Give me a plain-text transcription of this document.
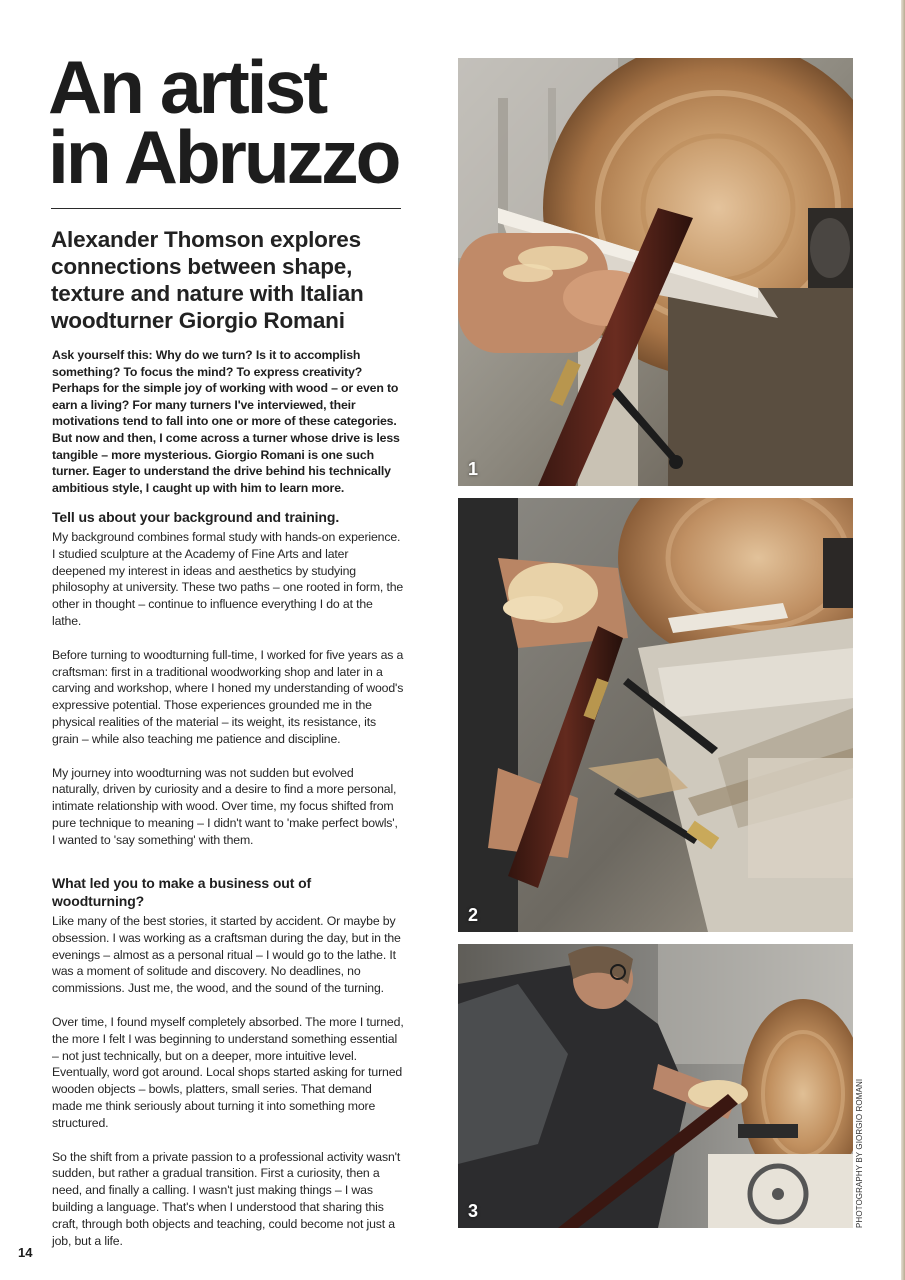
An artist
in Abruzzo
Alexander Thomson explores connections between shape, texture and nature with Italian woodturner Giorgio Romani

Ask yourself this: Why do we turn? Is it to accomplish something? To focus the mind? To express creativity? Perhaps for the simple joy of working with wood – or even to earn a living? For many turners I've interviewed, their motivations tend to fall into one or more of these categories. But now and then, I come across a turner whose drive is less tangible – more mysterious. Giorgio Romani is one such turner. Eager to understand the drive behind his technically ambitious style, I caught up with him to learn more.

Tell us about your background and training.

My background combines formal study with hands-on experience. I studied sculpture at the Academy of Fine Arts and later deepened my interest in ideas and aesthetics by studying philosophy at university. These two paths – one rooted in form, the other in thought – continue to influence everything I do at the lathe.

Before turning to woodturning full-time, I worked for five years as a craftsman: first in a traditional woodworking shop and later in a carving and workshop, where I honed my understanding of wood's expressive potential. Those experiences grounded me in the physical realities of the material – its weight, its resistance, its grain – while also teaching me patience and discipline.

My journey into woodturning was not sudden but evolved naturally, driven by curiosity and a desire to find a more personal, intimate relationship with wood. Over time, my focus shifted from pure technique to meaning – I didn't want to 'make perfect bowls', I wanted to 'say something' with them.

What led you to make a business out of woodturning?

Like many of the best stories, it started by accident. Or maybe by obsession. I was working as a craftsman during the day, but in the evenings – almost as a personal ritual – I would go to the lathe. It was a moment of solitude and discovery. No deadlines, no commissions. Just me, the wood, and the sound of the turning.

Over time, I found myself completely absorbed. The more I turned, the more I felt I was beginning to understand something essential – not just technically, but on a deeper, more intuitive level. Eventually, word got around. Local shops started asking for turned wooden objects – bowls, platters, small series. That demand made me think seriously about turning it into something more structured.

So the shift from a private passion to a professional activity wasn't sudden, but rather a gradual transition. First a curiosity, then a need, and finally a calling. I wasn't just making things – I was building a language. That's when I understood that sharing this craft, through both objects and teaching, could become not just a job, but a life.

14
1
2
3	PHOTOGRAPHY BY GIORGIO ROMANI
